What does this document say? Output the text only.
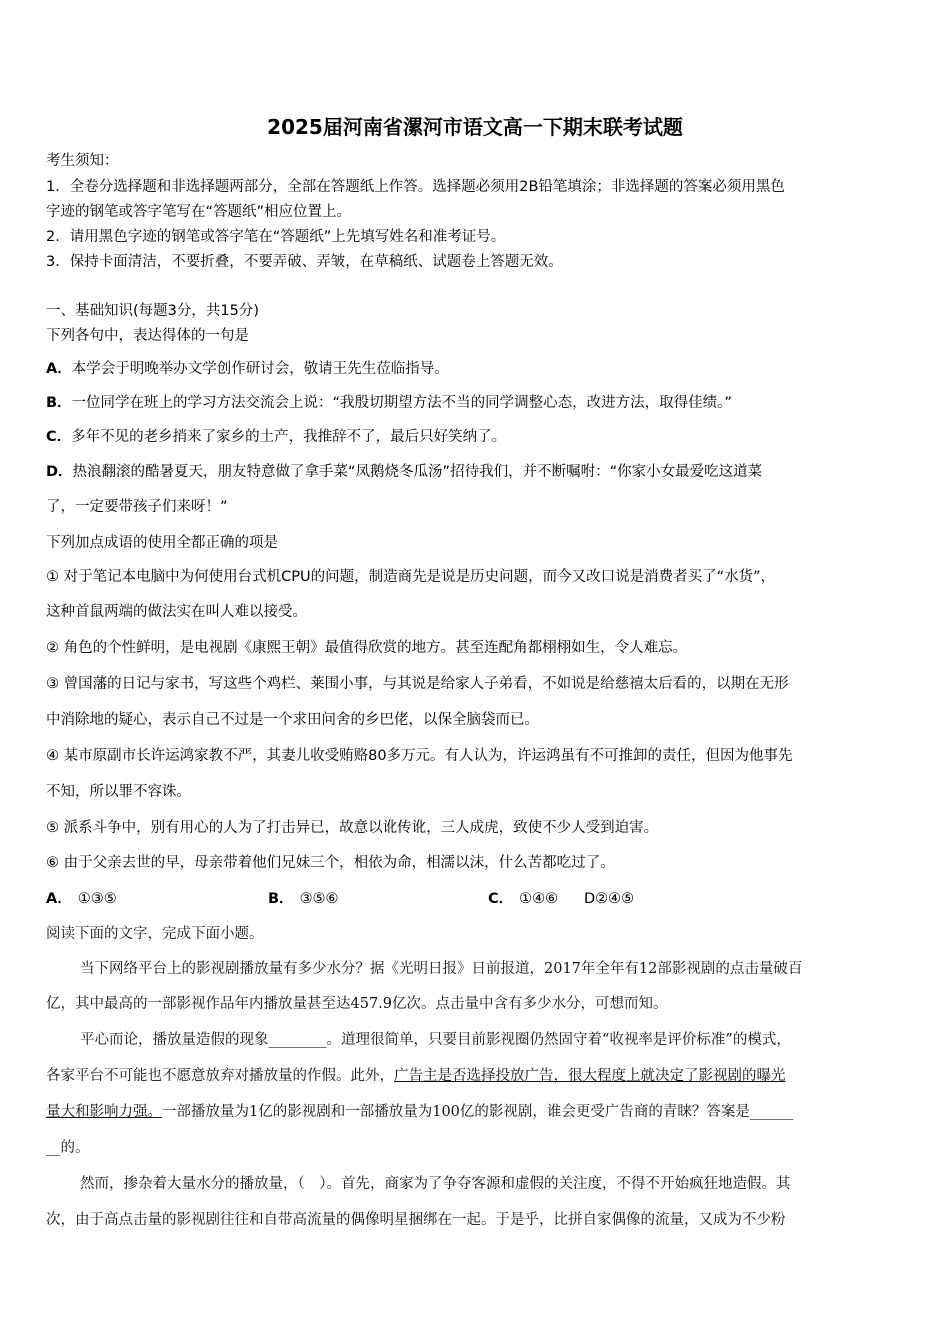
2025届河南省漯河市语文高一下期末联考试题
考生须知：
1．全卷分选择题和非选择题两部分，全部在答题纸上作答。选择题必须用2B铅笔填涂；非选择题的答案必须用黑色
字迹的钢笔或答字笔写在“答题纸”相应位置上。
2．请用黑色字迹的钢笔或答字笔在“答题纸”上先填写姓名和准考证号。
3．保持卡面清洁，不要折叠，不要弄破、弄皱，在草稿纸、试题卷上答题无效。
一、基础知识(每题3分，共15分)
下列各句中，表达得体的一句是
A．本学会于明晚举办文学创作研讨会，敬请王先生莅临指导。
B．一位同学在班上的学习方法交流会上说：“我殷切期望方法不当的同学调整心态，改进方法，取得佳绩。”
C．多年不见的老乡捎来了家乡的土产，我推辞不了，最后只好笑纳了。
D．热浪翻滚的酷暑夏天，朋友特意做了拿手菜“凤鹅烧冬瓜汤”招待我们，并不断嘱咐：“你家小女最爱吃这道菜
了，一定要带孩子们来呀！”
下列加点成语的使用全都正确的项是
① 对于笔记本电脑中为何使用台式机CPU的问题，制造商先是说是历史问题，而今又改口说是消费者买了“水货”，
这种首鼠两端的做法实在叫人难以接受。
② 角色的个性鲜明，是电视剧《康熙王朝》最值得欣赏的地方。甚至连配角都栩栩如生，令人难忘。
③ 曾国藩的日记与家书，写这些个鸡栏、莱围小事，与其说是给家人子弟看，不如说是给慈禧太后看的，以期在无形
中消除地的疑心，表示自己不过是一个求田问舍的乡巴佬，以保全脑袋而已。
④ 某市原副市长许运鸿家教不严，其妻儿收受贿赂80多万元。有人认为，许运鸿虽有不可推卸的责任，但因为他事先
不知，所以罪不容诛。
⑤ 派系斗争中，别有用心的人为了打击异已，故意以讹传讹，三人成虎，致使不少人受到迫害。
⑥ 由于父亲去世的早，母亲带着他们兄妹三个，相依为命，相濡以沫，什么苦都吃过了。
A． ①③⑤	B． ③⑤⑥	C． ①④⑥ D②④⑤
阅读下面的文字，完成下面小题。
当下网络平台上的影视剧播放量有多少水分？据《光明日报》日前报道，2017年全年有12部影视剧的点击量破百
亿，其中最高的一部影视作品年内播放量甚至达457.9亿次。点击量中含有多少水分，可想而知。
平心而论，播放量造假的现象________。道理很简单，只要目前影视圈仍然固守着“收视率是评价标准”的模式，
各家平台不可能也不愿意放弃对播放量的作假。此外，广告主是否选择投放广告，很大程度上就决定了影视剧的曝光
量大和影响力强。一部播放量为1亿的影视剧和一部播放量为100亿的影视剧，谁会更受广告商的青睐？答案是______
__的。
然而，掺杂着大量水分的播放量，（　）。首先，商家为了争夺客源和虚假的关注度，不得不开始疯狂地造假。其
次，由于高点击量的影视剧往往和自带高流量的偶像明星捆绑在一起。于是乎，比拼自家偶像的流量，又成为不少粉
